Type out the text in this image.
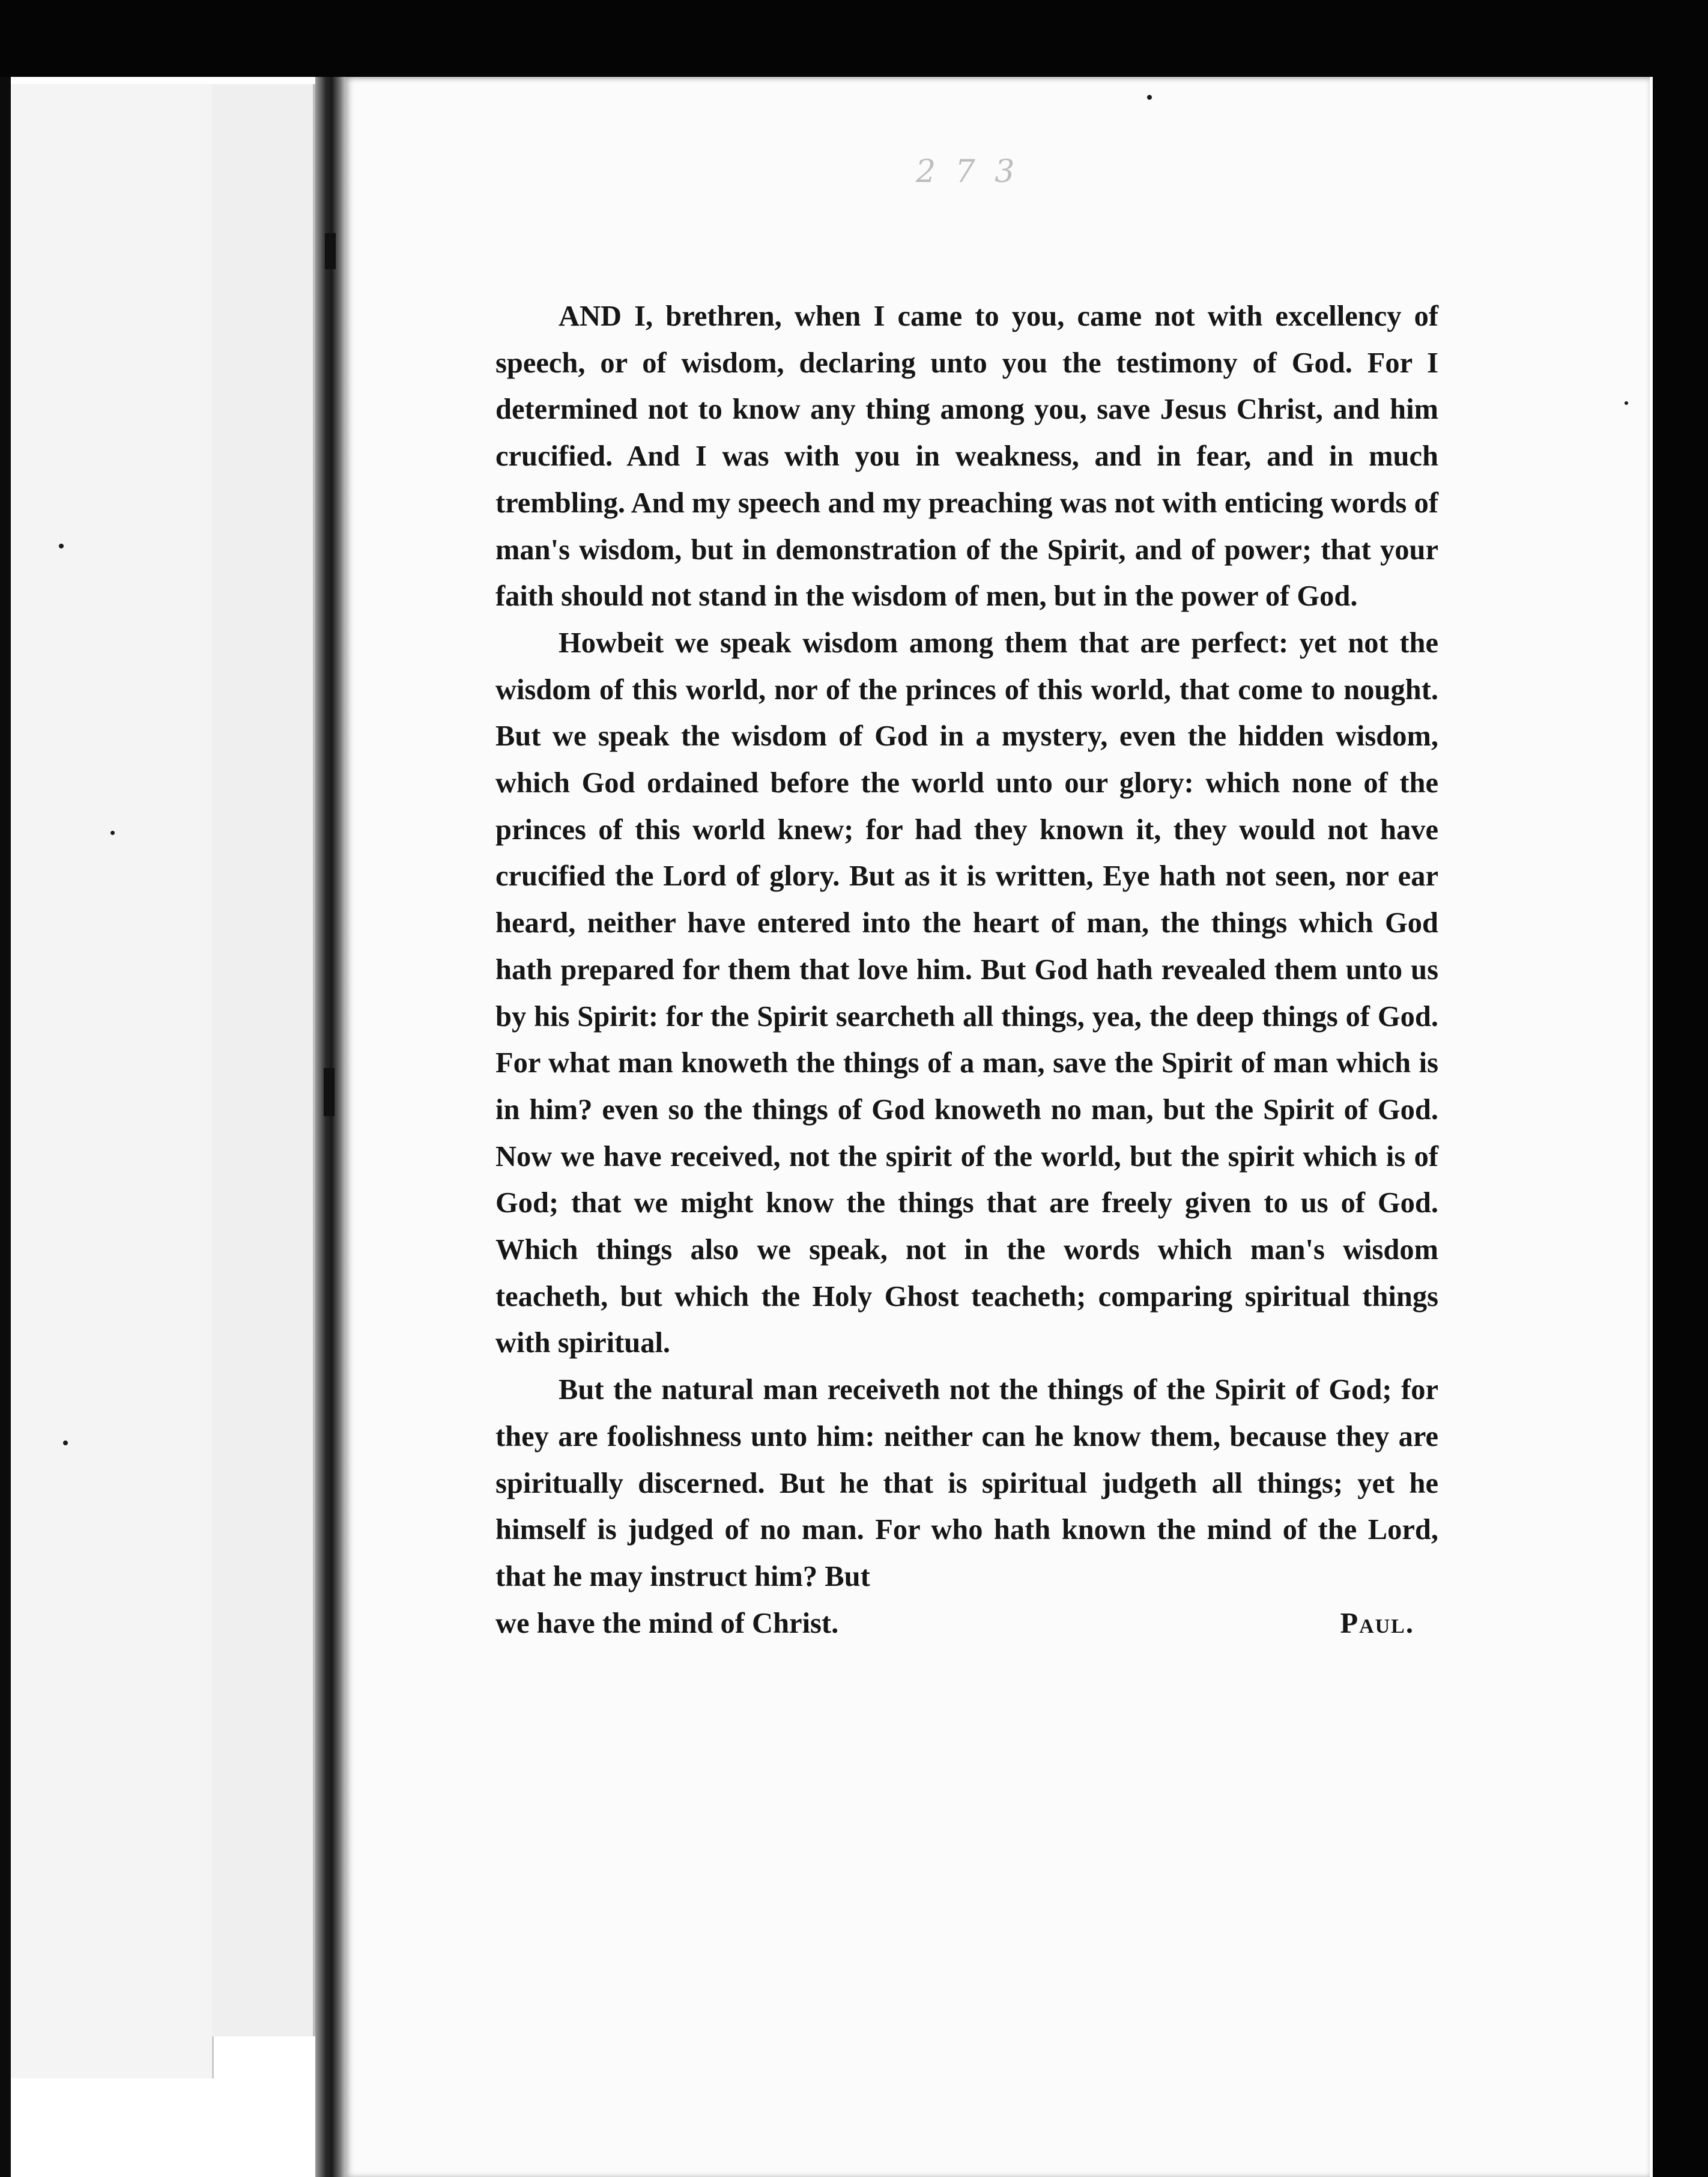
2 7 3

AND I, brethren, when I came to you, came not with excellency of speech, or of wisdom, declaring unto you the testimony of God. For I determined not to know any thing among you, save Jesus Christ, and him crucified. And I was with you in weakness, and in fear, and in much trembling. And my speech and my preaching was not with enticing words of man's wisdom, but in demonstration of the Spirit, and of power; that your faith should not stand in the wisdom of men, but in the power of God.

Howbeit we speak wisdom among them that are perfect: yet not the wisdom of this world, nor of the princes of this world, that come to nought. But we speak the wisdom of God in a mystery, even the hidden wisdom, which God ordained before the world unto our glory: which none of the princes of this world knew; for had they known it, they would not have crucified the Lord of glory. But as it is written, Eye hath not seen, nor ear heard, neither have entered into the heart of man, the things which God hath prepared for them that love him. But God hath revealed them unto us by his Spirit: for the Spirit searcheth all things, yea, the deep things of God. For what man knoweth the things of a man, save the Spirit of man which is in him? even so the things of God knoweth no man, but the Spirit of God. Now we have received, not the spirit of the world, but the spirit which is of God; that we might know the things that are freely given to us of God. Which things also we speak, not in the words which man's wisdom teacheth, but which the Holy Ghost teacheth; comparing spiritual things with spiritual.

But the natural man receiveth not the things of the Spirit of God; for they are foolishness unto him: neither can he know them, because they are spiritually discerned. But he that is spiritual judgeth all things; yet he himself is judged of no man. For who hath known the mind of the Lord, that he may instruct him? But

we have the mind of Christ.	Paul.
